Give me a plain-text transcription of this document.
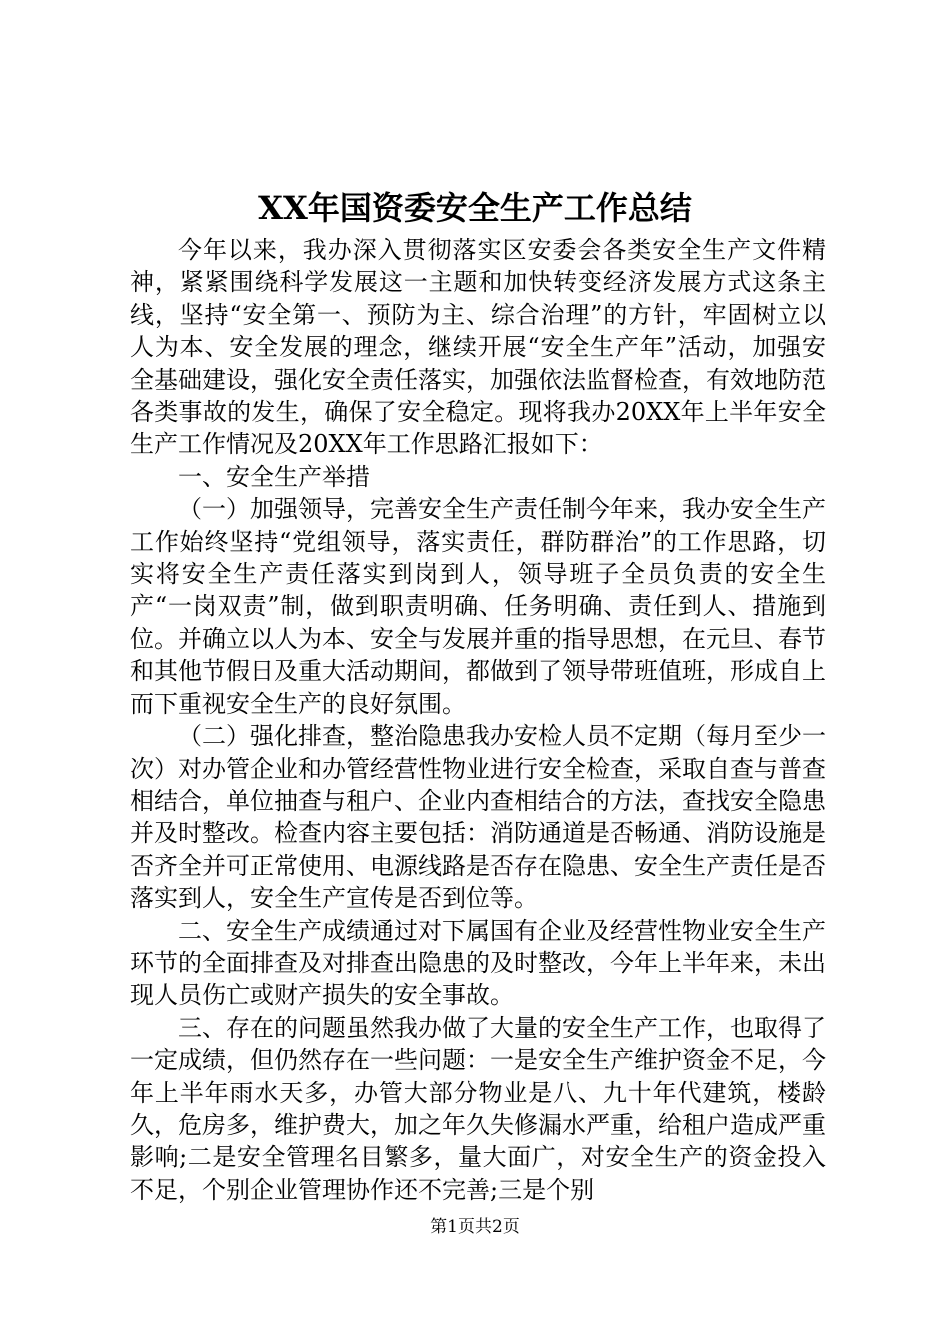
XX年国资委安全生产工作总结

今年以来，我办深入贯彻落实区安委会各类安全生产文件精神，紧紧围绕科学发展这一主题和加快转变经济发展方式这条主线，坚持“安全第一、预防为主、综合治理”的方针，牢固树立以人为本、安全发展的理念，继续开展“安全生产年”活动，加强安全基础建设，强化安全责任落实，加强依法监督检查，有效地防范各类事故的发生，确保了安全稳定。现将我办20XX年上半年安全生产工作情况及20XX年工作思路汇报如下：

一、安全生产举措

（一）加强领导，完善安全生产责任制今年来，我办安全生产工作始终坚持“党组领导，落实责任，群防群治”的工作思路，切实将安全生产责任落实到岗到人，领导班子全员负责的安全生产“一岗双责”制，做到职责明确、任务明确、责任到人、措施到位。并确立以人为本、安全与发展并重的指导思想，在元旦、春节和其他节假日及重大活动期间，都做到了领导带班值班，形成自上而下重视安全生产的良好氛围。

（二）强化排查，整治隐患我办安检人员不定期（每月至少一次）对办管企业和办管经营性物业进行安全检查，采取自查与普查相结合，单位抽查与租户、企业内查相结合的方法，查找安全隐患并及时整改。检查内容主要包括：消防通道是否畅通、消防设施是否齐全并可正常使用、电源线路是否存在隐患、安全生产责任是否落实到人，安全生产宣传是否到位等。

二、安全生产成绩通过对下属国有企业及经营性物业安全生产环节的全面排查及对排查出隐患的及时整改，今年上半年来，未出现人员伤亡或财产损失的安全事故。

三、存在的问题虽然我办做了大量的安全生产工作，也取得了一定成绩，但仍然存在一些问题：一是安全生产维护资金不足，今年上半年雨水天多，办管大部分物业是八、九十年代建筑，楼龄久，危房多，维护费大，加之年久失修漏水严重，给租户造成严重影响;二是安全管理名目繁多，量大面广，对安全生产的资金投入不足，个别企业管理协作还不完善;三是个别

第1页共2页
